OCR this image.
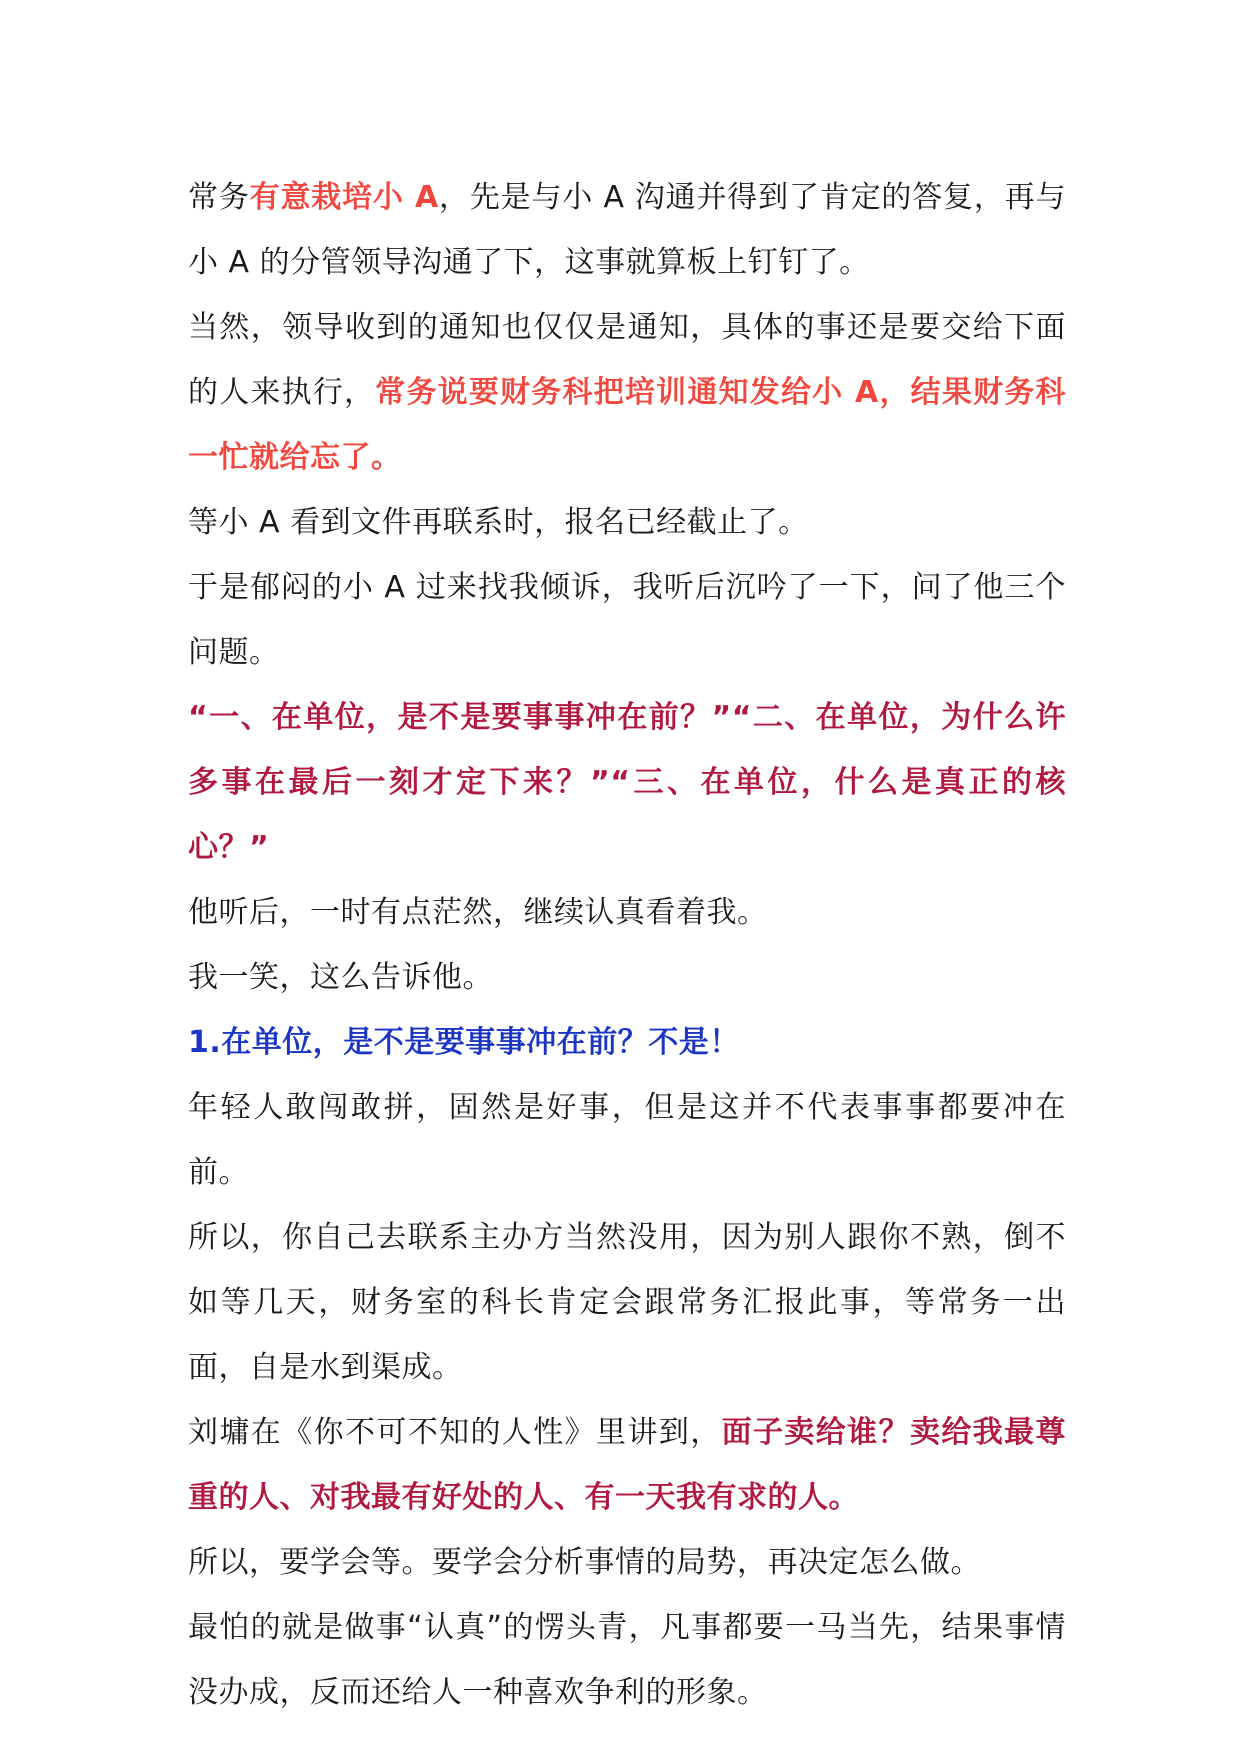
常务有意栽培小 A，先是与小 A 沟通并得到了肯定的答复，再与小 A 的分管领导沟通了下，这事就算板上钉钉了。

当然，领导收到的通知也仅仅是通知，具体的事还是要交给下面的人来执行，常务说要财务科把培训通知发给小 A，结果财务科一忙就给忘了。

等小 A 看到文件再联系时，报名已经截止了。

于是郁闷的小 A 过来找我倾诉，我听后沉吟了一下，问了他三个问题。

“一、在单位，是不是要事事冲在前？”“二、在单位，为什么许多事在最后一刻才定下来？”“三、在单位，什么是真正的核心？”

他听后，一时有点茫然，继续认真看着我。

我一笑，这么告诉他。

1.在单位，是不是要事事冲在前？不是！

年轻人敢闯敢拼，固然是好事，但是这并不代表事事都要冲在前。

所以，你自己去联系主办方当然没用，因为别人跟你不熟，倒不如等几天，财务室的科长肯定会跟常务汇报此事，等常务一出面，自是水到渠成。

刘墉在《你不可不知的人性》里讲到，面子卖给谁？卖给我最尊重的人、对我最有好处的人、有一天我有求的人。

所以，要学会等。要学会分析事情的局势，再决定怎么做。

最怕的就是做事“认真”的愣头青，凡事都要一马当先，结果事情没办成，反而还给人一种喜欢争利的形象。
